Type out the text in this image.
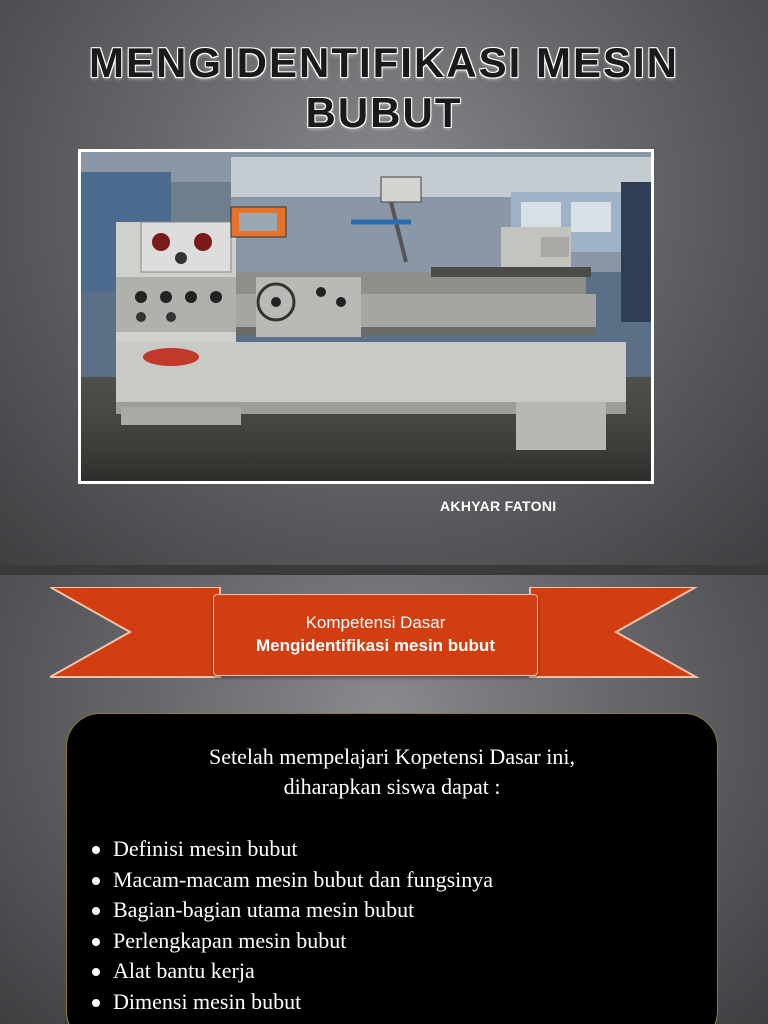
MENGIDENTIFIKASI MESIN
BUBUT
AKHYAR FATONI
Kompetensi Dasar
Mengidentifikasi mesin bubut
Setelah mempelajari Kopetensi Dasar ini,
diharapkan siswa dapat :
Definisi mesin bubut
Macam-macam mesin bubut dan fungsinya
Bagian-bagian utama mesin bubut
Perlengkapan mesin bubut
Alat bantu kerja
Dimensi mesin bubut
